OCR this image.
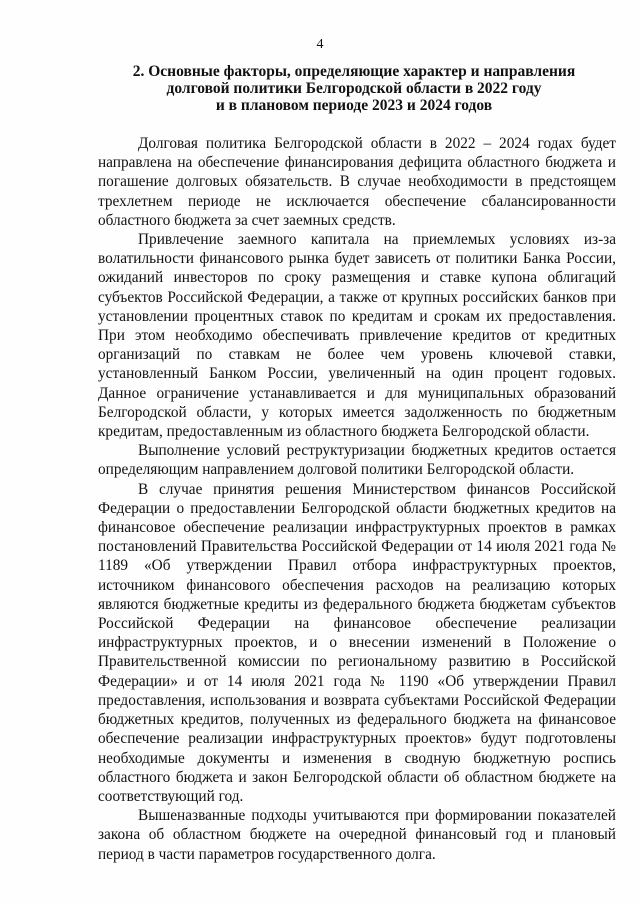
4
2. Основные факторы, определяющие характер и направления
долговой политики Белгородской области в 2022 году
и в плановом периоде 2023 и 2024 годов

Долговая политика Белгородской области в 2022 – 2024 годах будет направлена на обеспечение финансирования дефицита областного бюджета и погашение долговых обязательств. В случае необходимости в предстоящем трехлетнем периоде не исключается обеспечение сбалансированности областного бюджета за счет заемных средств.

Привлечение заемного капитала на приемлемых условиях из-за волатильности финансового рынка будет зависеть от политики Банка России, ожиданий инвесторов по сроку размещения и ставке купона облигаций субъектов Российской Федерации, а также от крупных российских банков при установлении процентных ставок по кредитам и срокам их предоставления. При этом необходимо обеспечивать привлечение кредитов от кредитных организаций по ставкам не более чем уровень ключевой ставки, установленный Банком России, увеличенный на один процент годовых. Данное ограничение устанавливается и для муниципальных образований Белгородской области, у которых имеется задолженность по бюджетным кредитам, предоставленным из областного бюджета Белгородской области.

Выполнение условий реструктуризации бюджетных кредитов остается определяющим направлением долговой политики Белгородской области.

В случае принятия решения Министерством финансов Российской Федерации о предоставлении Белгородской области бюджетных кредитов на финансовое обеспечение реализации инфраструктурных проектов в рамках постановлений Правительства Российской Федерации от 14 июля 2021 года № 1189 «Об утверждении Правил отбора инфраструктурных проектов, источником финансового обеспечения расходов на реализацию которых являются бюджетные кредиты из федерального бюджета бюджетам субъектов Российской Федерации на финансовое обеспечение реализации инфраструктурных проектов, и о внесении изменений в Положение о Правительственной комиссии по региональному развитию в Российской Федерации» и от 14 июля 2021 года № 1190 «Об утверждении Правил предоставления, использования и возврата субъектами Российской Федерации бюджетных кредитов, полученных из федерального бюджета на финансовое обеспечение реализации инфраструктурных проектов» будут подготовлены необходимые документы и изменения в сводную бюджетную роспись областного бюджета и закон Белгородской области об областном бюджете на соответствующий год.

Вышеназванные подходы учитываются при формировании показателей закона об областном бюджете на очередной финансовый год и плановый период в части параметров государственного долга.
